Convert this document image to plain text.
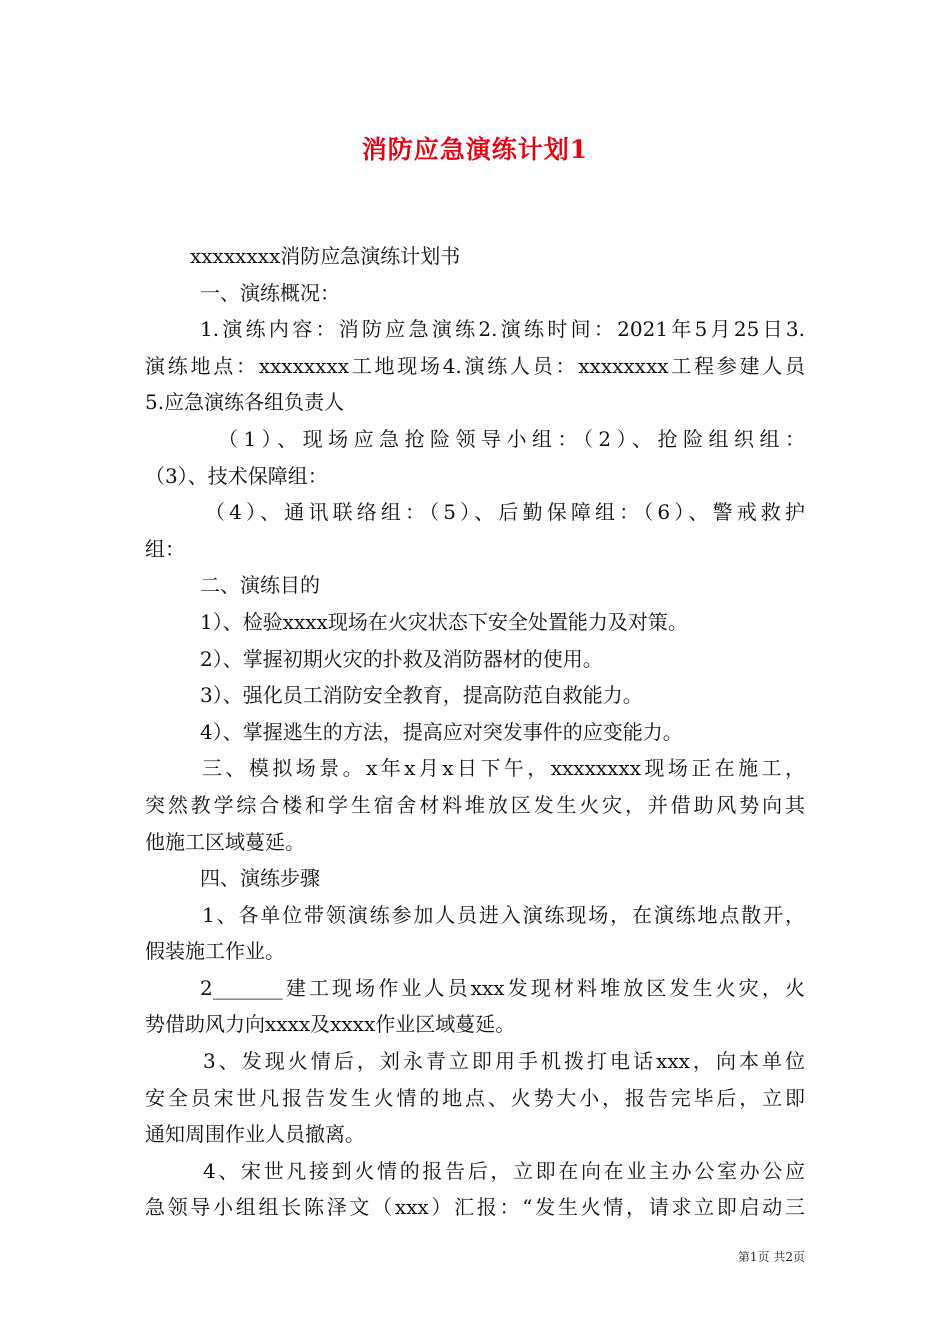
消防应急演练计划1
xxxxxxxx消防应急演练计划书
一、演练概况：
1.演练内容：消防应急演练2.演练时间：2021年5月25日3.
演练地点：xxxxxxxx工地现场4.演练人员：xxxxxxxx工程参建人员
5.应急演练各组负责人
（1）、现场应急抢险领导小组：（2）、抢险组织组：
（3）、技术保障组：
（4）、通讯联络组：（5）、后勤保障组：（6）、警戒救护
组：
二、演练目的
1）、检验xxxx现场在火灾状态下安全处置能力及对策。
2）、掌握初期火灾的扑救及消防器材的使用。
3）、强化员工消防安全教育，提高防范自救能力。
4）、掌握逃生的方法，提高应对突发事件的应变能力。
三、模拟场景。x年x月x日下午，xxxxxxxx现场正在施工，
突然教学综合楼和学生宿舍材料堆放区发生火灾，并借助风势向其
他施工区域蔓延。
四、演练步骤
1、各单位带领演练参加人员进入演练现场，在演练地点散开，
假装施工作业。
2_______建工现场作业人员xxx发现材料堆放区发生火灾，火
势借助风力向xxxx及xxxx作业区域蔓延。
3、发现火情后，刘永青立即用手机拨打电话xxx，向本单位
安全员宋世凡报告发生火情的地点、火势大小，报告完毕后，立即
通知周围作业人员撤离。
4、宋世凡接到火情的报告后，立即在向在业主办公室办公应
急领导小组组长陈泽文（xxx）汇报：“发生火情，请求立即启动三
第1页 共2页
